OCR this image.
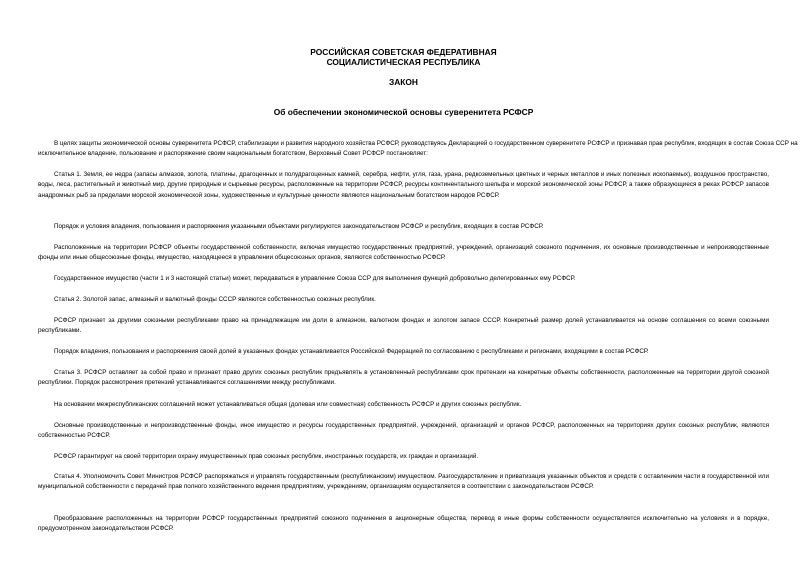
РОССИЙСКАЯ СОВЕТСКАЯ ФЕДЕРАТИВНАЯ
СОЦИАЛИСТИЧЕСКАЯ РЕСПУБЛИКА
ЗАКОН
Об обеспечении экономической основы суверенитета РСФСР
В целях защиты экономической основы суверенитета РСФСР, стабилизации и развития народного хозяйства РСФСР, руководствуясь Декларацией о государственном суверенитете РСФСР и признавая прав республик, входящих в состав Союза ССР на исключительное владение, пользование и распоряжение своим национальным богатством, Верховный Совет РСФСР постановляет:
Статья 1. Земля, ее недра (запасы алмазов, золота, платины, драгоценных и полудрагоценных камней, серебра, нефти, угля, газа, урана, редкоземельных цветных и черных металлов и иных полезных ископаемых), воздушное пространство, воды, леса, растительный и животный мир, другие природные и сырьевые ресурсы, расположенные на территории РСФСР, ресурсы континентального шельфа и морской экономической зоны РСФСР, а также образующиеся в реках РСФСР запасов анадромных рыб за пределами морской экономической зоны, художественные и культурные ценности являются национальным богатством народов РСФСР.
Порядок и условия владения, пользования и распоряжения указанными объектами регулируются законодательством РСФСР и республик, входящих в состав РСФСР.
Расположенные на территории РСФСР объекты государственной собственности, включая имущество государственных предприятий, учреждений, организаций союзного подчинения, их основные производственные и непроизводственные фонды или иные общесоюзные фонды, имущество, находящееся в управлении общесоюзных органов, являются собственностью РСФСР.
Государственное имущество (части 1 и 3 настоящей статьи) может, передаваться в управление Союза ССР для выполнения функций добровольно делегированных ему РСФСР.
Статья 2. Золотой запас, алмазный и валютный фонды СССР являются собственностью союзных республик.
РСФСР признает за другими союзными республиками право на принадлежащие им доли в алмазном, валютном фондах и золотом запасе СССР. Конкретный размер долей устанавливается на основе соглашения со всеми союзными республиками.
Порядок владения, пользования и распоряжения своей долей в указанных фондах устанавливается Российской Федерацией по согласованию с республиками и регионами, входящими в состав РСФСР.
Статья 3. РСФСР оставляет за собой право и признает право других союзных республик предъявлять в установленный республиками срок претензии на конкретные объекты собственности, расположенные на территории другой союзной республики. Порядок рассмотрения претензий устанавливается соглашениями между республиками.
На основании межреспубликанских соглашений может устанавливаться общая (долевая или совместная) собственность РСФСР и других союзных республик.
Основные производственные и непроизводственные фонды, иное имущество и ресурсы государственных предприятий, учреждений, организаций и органов РСФСР, расположенных на территориях других союзных республик, являются собственностью РСФСР.
РСФСР гарантирует на своей территории охрану имущественных прав союзных республик, иностранных государств, их граждан и организаций.
Статья 4. Уполномочить Совет Министров РСФСР распоряжаться и управлять государственным (республиканским) имуществом. Разгосударствление и приватизация указанных объектов и средств с оставлением части в государственной или муниципальной собственности с передачей прав полного хозяйственного ведения предприятиям, учреждениям, организациям осуществляется в соответствии с законодательством РСФСР.
Преобразование расположенных на территории РСФСР государственных предприятий союзного подчинения в акционерные общества, перевод в иные формы собственности осуществляется исключительно на условиях и в порядке, предусмотренном законодательством РСФСР.
